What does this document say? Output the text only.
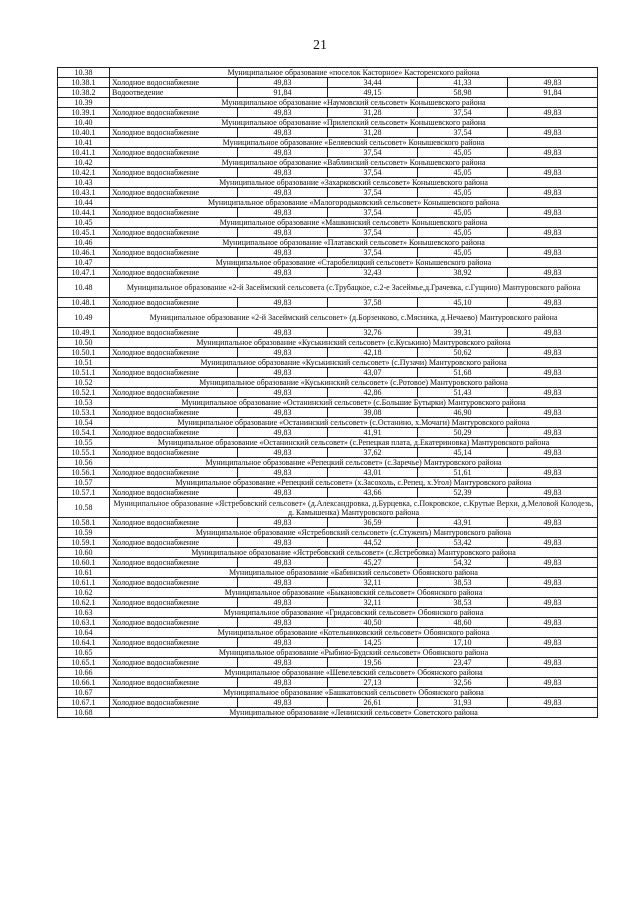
21
10.38	Муниципальное образование «поселок Касторное» Касторенского района				
10.38.1	Холодное водоснабжение	49,83	34,44	41,33	49,83
10.38.2	Водоотведение	91,84	49,15	58,98	91,84
10.39	Муниципальное образование «Наумовский сельсовет» Конышевского района				
10.39.1	Холодное водоснабжение	49,83	31,28	37,54	49,83
10.40	Муниципальное образование «Прилепский сельсовет» Конышевского района				
10.40.1	Холодное водоснабжение	49,83	31,28	37,54	49,83
10.41	Муниципальное образование «Беляевский сельсовет» Конышевского района				
10.41.1	Холодное водоснабжение	49,83	37,54	45,05	49,83
10.42	Муниципальное образование «Ваблинский сельсовет» Конышевского района				
10.42.1	Холодное водоснабжение	49,83	37,54	45,05	49,83
10.43	Муниципальное образование «Захарковский сельсовет» Конышевского района				
10.43.1	Холодное водоснабжение	49,83	37,54	45,05	49,83
10.44	Муниципальное образование «Малогородьковский сельсовет» Конышевского района				
10.44.1	Холодное водоснабжение	49,83	37,54	45,05	49,83
10.45	Муниципальное образование «Машкинский сельсовет» Конышевского района				
10.45.1	Холодное водоснабжение	49,83	37,54	45,05	49,83
10.46	Муниципальное образование «Платавский сельсовет» Конышевского района				
10.46.1	Холодное водоснабжение	49,83	37,54	45,05	49,83
10.47	Муниципальное образование «Старобелицкий сельсовет» Конышевского района				
10.47.1	Холодное водоснабжение	49,83	32,43	38,92	49,83
10.48	Муниципальное образование «2-й Засеймский сельсовета (с.Трубацкое, с.2-е Засеймье,д.Грачевка, с.Гущино) Мантуровского района				
10.48.1	Холодное водоснабжение	49,83	37,58	45,10	49,83
10.49	Муниципальное образование «2-й Засеймский сельсовет» (д.Борзенково, с.Мясникa, д.Нечаево) Мантуровского района				
10.49.1	Холодное водоснабжение	49,83	32,76	39,31	49,83
10.50	Муниципальное образование «Куськинский сельсовет» (с.Куськино) Мантуровского района				
10.50.1	Холодное водоснабжение	49,83	42,18	50,62	49,83
10.51	Муниципальное образование «Куськинский сельсовет» (с.Пузачи) Мантуровского района				
10.51.1	Холодное водоснабжение	49,83	43,07	51,68	49,83
10.52	Муниципальное образование «Куськинский сельсовет» (с.Ротовое) Мантуровского района				
10.52.1	Холодное водоснабжение	49,83	42,86	51,43	49,83
10.53	Муниципальное образование «Останинский сельсовет» (с.Большие Бутырки) Мантуровского района				
10.53.1	Холодное водоснабжение	49,83	39,08	46,90	49,83
10.54	Муниципальное образование «Останинский сельсовет» (с.Останино, х.Мочаги) Мантуровского района				
10.54.1	Холодное водоснабжение	49,83	41,91	50,29	49,83
10.55	Муниципальное образование «Останинский сельсовет» (с.Репецкая плата, д.Екатериновка) Мантуровского района				
10.55.1	Холодное водоснабжение	49,83	37,62	45,14	49,83
10.56	Муниципальное образование «Репецкий сельсовет» (с.Заречье) Мантуровского района				
10.56.1	Холодное водоснабжение	49,83	43,01	51,61	49,83
10.57	Муниципальное образование «Репецкий сельсовет» (х.Засохоль, с.Репец, х.Угол) Мантуровского района				
10.57.1	Холодное водоснабжение	49,83	43,66	52,39	49,83
10.58	Муниципальное образование «Ястребовский сельсовет» (д.Александровка, д.Бурцевка, с.Покровское, с.Крутые Верхи, д.Меловой Колодезь, д. Камышенка) Мантуровского района				
10.58.1	Холодное водоснабжение	49,83	36,59	43,91	49,83
10.59	Муниципальное образование «Ястребовский сельсовет» (с.Стуженъ) Мантуровского района				
10.59.1	Холодное водоснабжение	49,83	44,52	53,42	49,83
10.60	Муниципальное образование «Ястребовский сельсовет» (с.Ястребовка) Мантуровского района				
10.60.1	Холодное водоснабжение	49,83	45,27	54,32	49,83
10.61	Муниципальное образование «Бабинский сельсовет» Обоянского района				
10.61.1	Холодное водоснабжение	49,83	32,11	38,53	49,83
10.62	Муниципальное образование «Быкановский сельсовет» Обоянского района				
10.62.1	Холодное водоснабжение	49,83	32,11	38,53	49,83
10.63	Муниципальное образование «Гридасовский сельсовет» Обоянского района				
10.63.1	Холодное водоснабжение	49,83	40,50	48,60	49,83
10.64	Муниципальное образование «Котельниковский сельсовет» Обоянского района				
10.64.1	Холодное водоснабжение	49,83	14,25	17,10	49,83
10.65	Муниципальное образование «Рыбино-Будский сельсовет» Обоянского района				
10.65.1	Холодное водоснабжение	49,83	19,56	23,47	49,83
10.66	Муниципальное образование «Шевелевский сельсовет» Обоянского района				
10.66.1	Холодное водоснабжение	49,83	27,13	32,56	49,83
10.67	Муниципальное образование «Башкатовский сельсовет» Обоянского района				
10.67.1	Холодное водоснабжение	49,83	26,61	31,93	49,83
10.68	Муниципальное образование «Ленинский сельсовет» Советского района				
